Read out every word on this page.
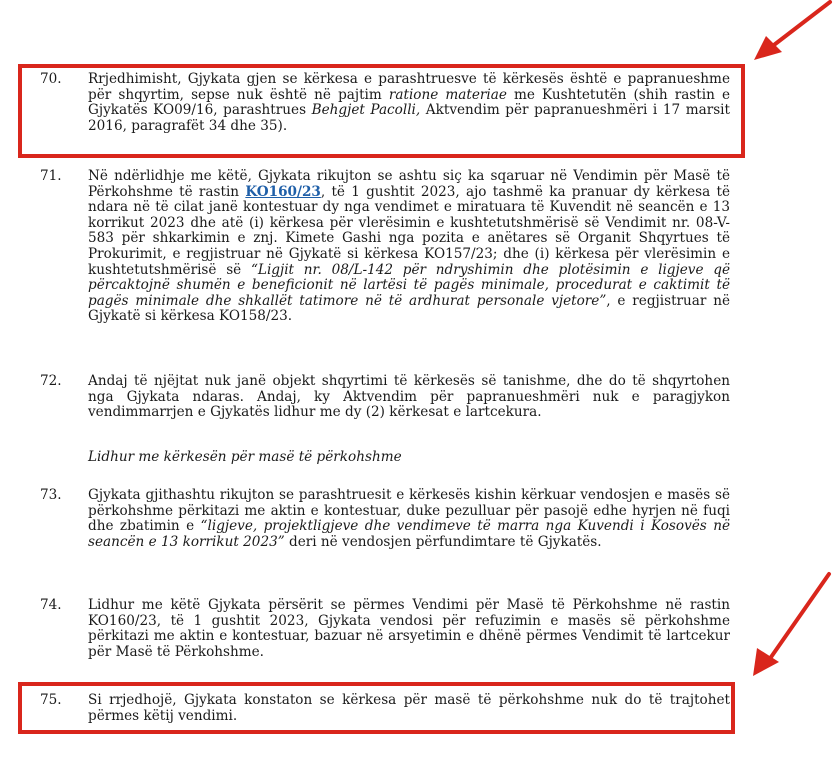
70.	Rrjedhimisht, Gjykata gjen se kërkesa e parashtruesve të kërkesës është e papranueshme për shqyrtim, sepse nuk është në pajtim ratione materiae me Kushtetutën (shih rastin e Gjykatës KO09/16, parashtrues Behgjet Pacolli, Aktvendim për papranueshmëri i 17 marsit 2016, paragrafët 34 dhe 35).
71.	Në ndërlidhje me këtë, Gjykata rikujton se ashtu siç ka sqaruar në Vendimin për Masë të Përkohshme të rastin KO160/23, të 1 gushtit 2023, ajo tashmë ka pranuar dy kërkesa të ndara në të cilat janë kontestuar dy nga vendimet e miratuara të Kuvendit në seancën e 13 korrikut 2023 dhe atë (i) kërkesa për vlerësimin e kushtetutshmërisë së Vendimit nr. 08-V-583 për shkarkimin e znj. Kimete Gashi nga pozita e anëtares së Organit Shqyrtues të Prokurimit, e regjistruar në Gjykatë si kërkesa KO157/23; dhe (i) kërkesa për vlerësimin e kushtetutshmërisë së “Ligjit nr. 08/L-142 për ndryshimin dhe plotësimin e ligjeve që përcaktojnë shumën e beneficionit në lartësi të pagës minimale, procedurat e caktimit të pagës minimale dhe shkallët tatimore në të ardhurat personale vjetore”, e regjistruar në Gjykatë si kërkesa KO158/23.
72.	Andaj të njëjtat nuk janë objekt shqyrtimi të kërkesës së tanishme, dhe do të shqyrtohen nga Gjykata ndaras. Andaj, ky Aktvendim për papranueshmëri nuk e paragjykon vendimmarrjen e Gjykatës lidhur me dy (2) kërkesat e lartcekura.
Lidhur me kërkesën për masë të përkohshme
73.	Gjykata gjithashtu rikujton se parashtruesit e kërkesës kishin kërkuar vendosjen e masës së përkohshme përkitazi me aktin e kontestuar, duke pezulluar për pasojë edhe hyrjen në fuqi dhe zbatimin e “ligjeve, projektligjeve dhe vendimeve të marra nga Kuvendi i Kosovës në seancën e 13 korrikut 2023” deri në vendosjen përfundimtare të Gjykatës.
74.	Lidhur me këtë Gjykata përsërit se përmes Vendimi për Masë të Përkohshme në rastin KO160/23, të 1 gushtit 2023, Gjykata vendosi për refuzimin e masës së përkohshme përkitazi me aktin e kontestuar, bazuar në arsyetimin e dhënë përmes Vendimit të lartcekur për Masë të Përkohshme.
75.	Si rrjedhojë, Gjykata konstaton se kërkesa për masë të përkohshme nuk do të trajtohet përmes këtij vendimi.
